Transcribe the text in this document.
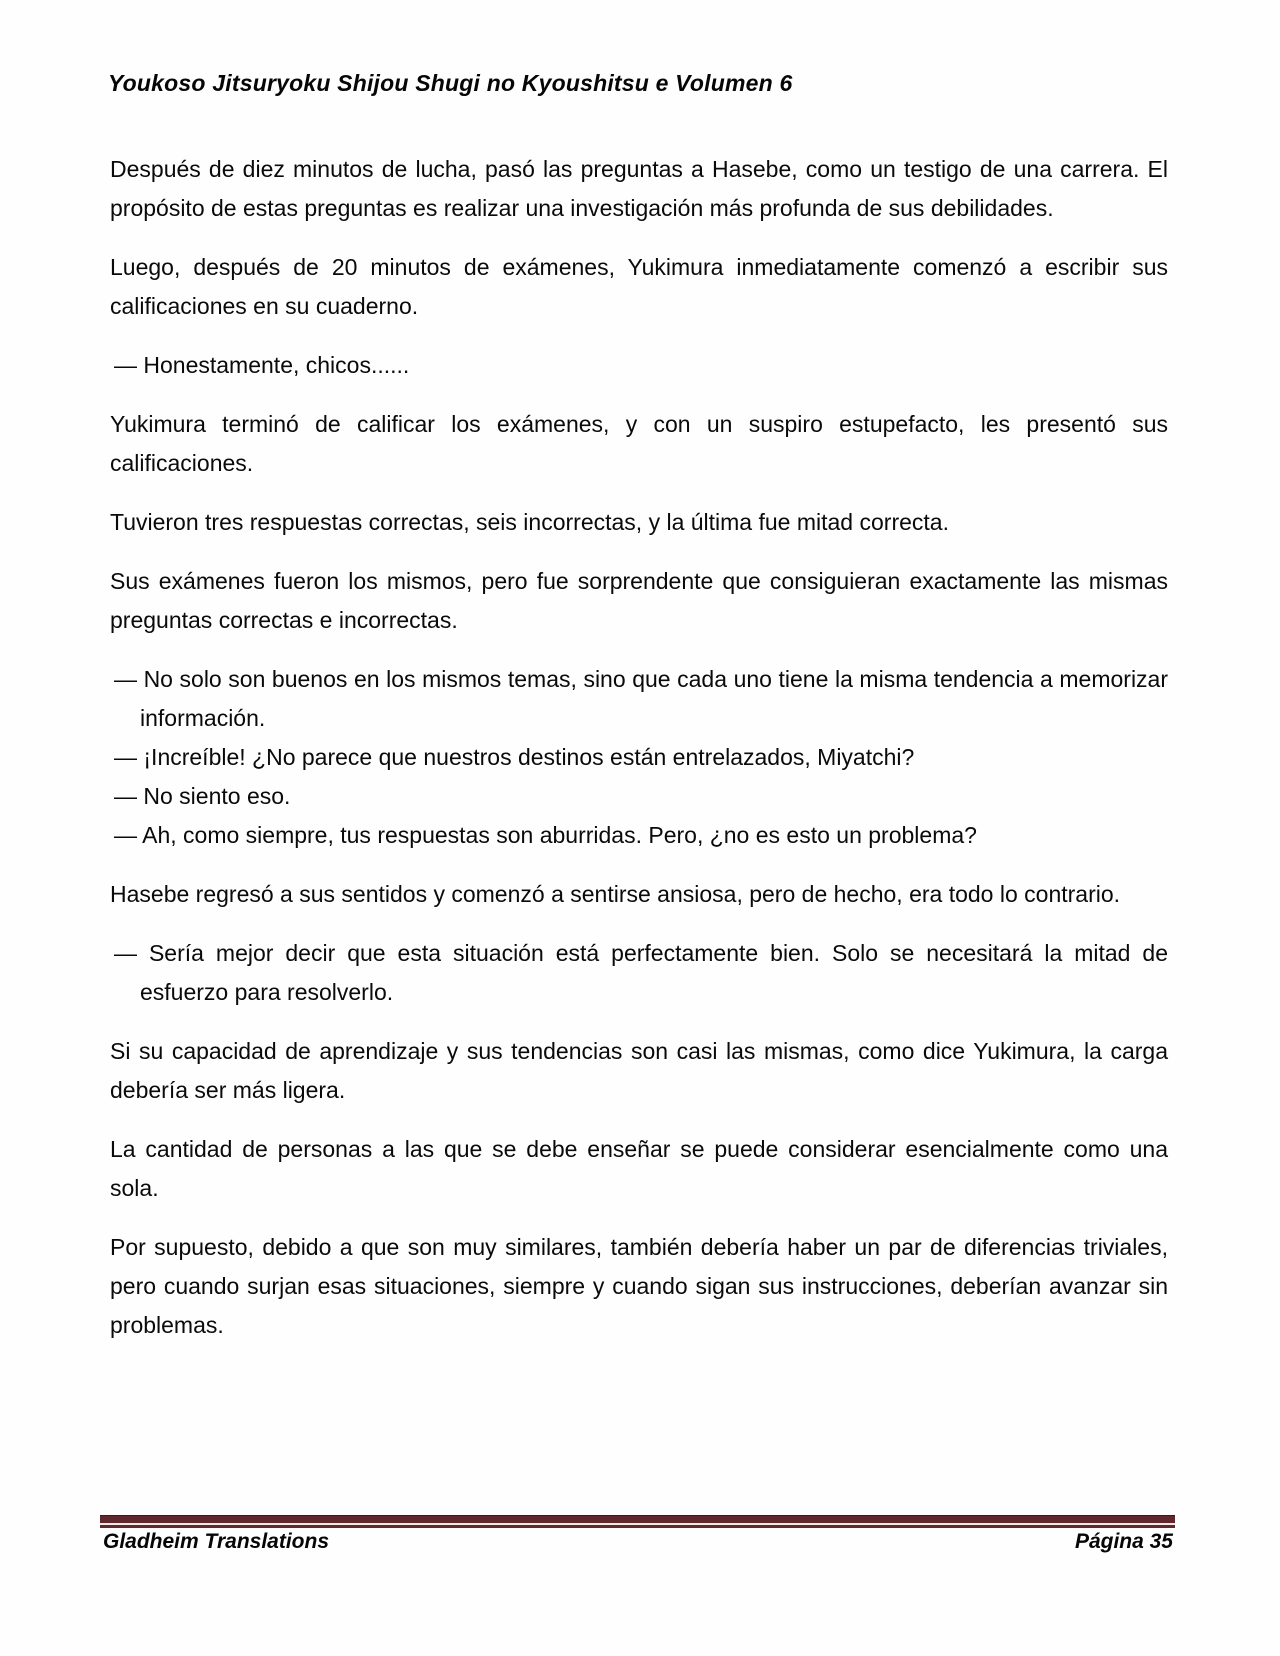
Youkoso Jitsuryoku Shijou Shugi no Kyoushitsu e Volumen 6

Después de diez minutos de lucha, pasó las preguntas a Hasebe, como un testigo de una carrera. El propósito de estas preguntas es realizar una investigación más profunda de sus debilidades.

Luego, después de 20 minutos de exámenes, Yukimura inmediatamente comenzó a escribir sus calificaciones en su cuaderno.

— Honestamente, chicos......

Yukimura terminó de calificar los exámenes, y con un suspiro estupefacto, les presentó sus calificaciones.

Tuvieron tres respuestas correctas, seis incorrectas, y la última fue mitad correcta.

Sus exámenes fueron los mismos, pero fue sorprendente que consiguieran exactamente las mismas preguntas correctas e incorrectas.

— No solo son buenos en los mismos temas, sino que cada uno tiene la misma tendencia a memorizar información.

— ¡Increíble! ¿No parece que nuestros destinos están entrelazados, Miyatchi?

— No siento eso.

— Ah, como siempre, tus respuestas son aburridas. Pero, ¿no es esto un problema?

Hasebe regresó a sus sentidos y comenzó a sentirse ansiosa, pero de hecho, era todo lo contrario.

— Sería mejor decir que esta situación está perfectamente bien. Solo se necesitará la mitad de esfuerzo para resolverlo.

Si su capacidad de aprendizaje y sus tendencias son casi las mismas, como dice Yukimura, la carga debería ser más ligera.

La cantidad de personas a las que se debe enseñar se puede considerar esencialmente como una sola.

Por supuesto, debido a que son muy similares, también debería haber un par de diferencias triviales, pero cuando surjan esas situaciones, siempre y cuando sigan sus instrucciones, deberían avanzar sin problemas.

Gladheim Translations	Página 35
